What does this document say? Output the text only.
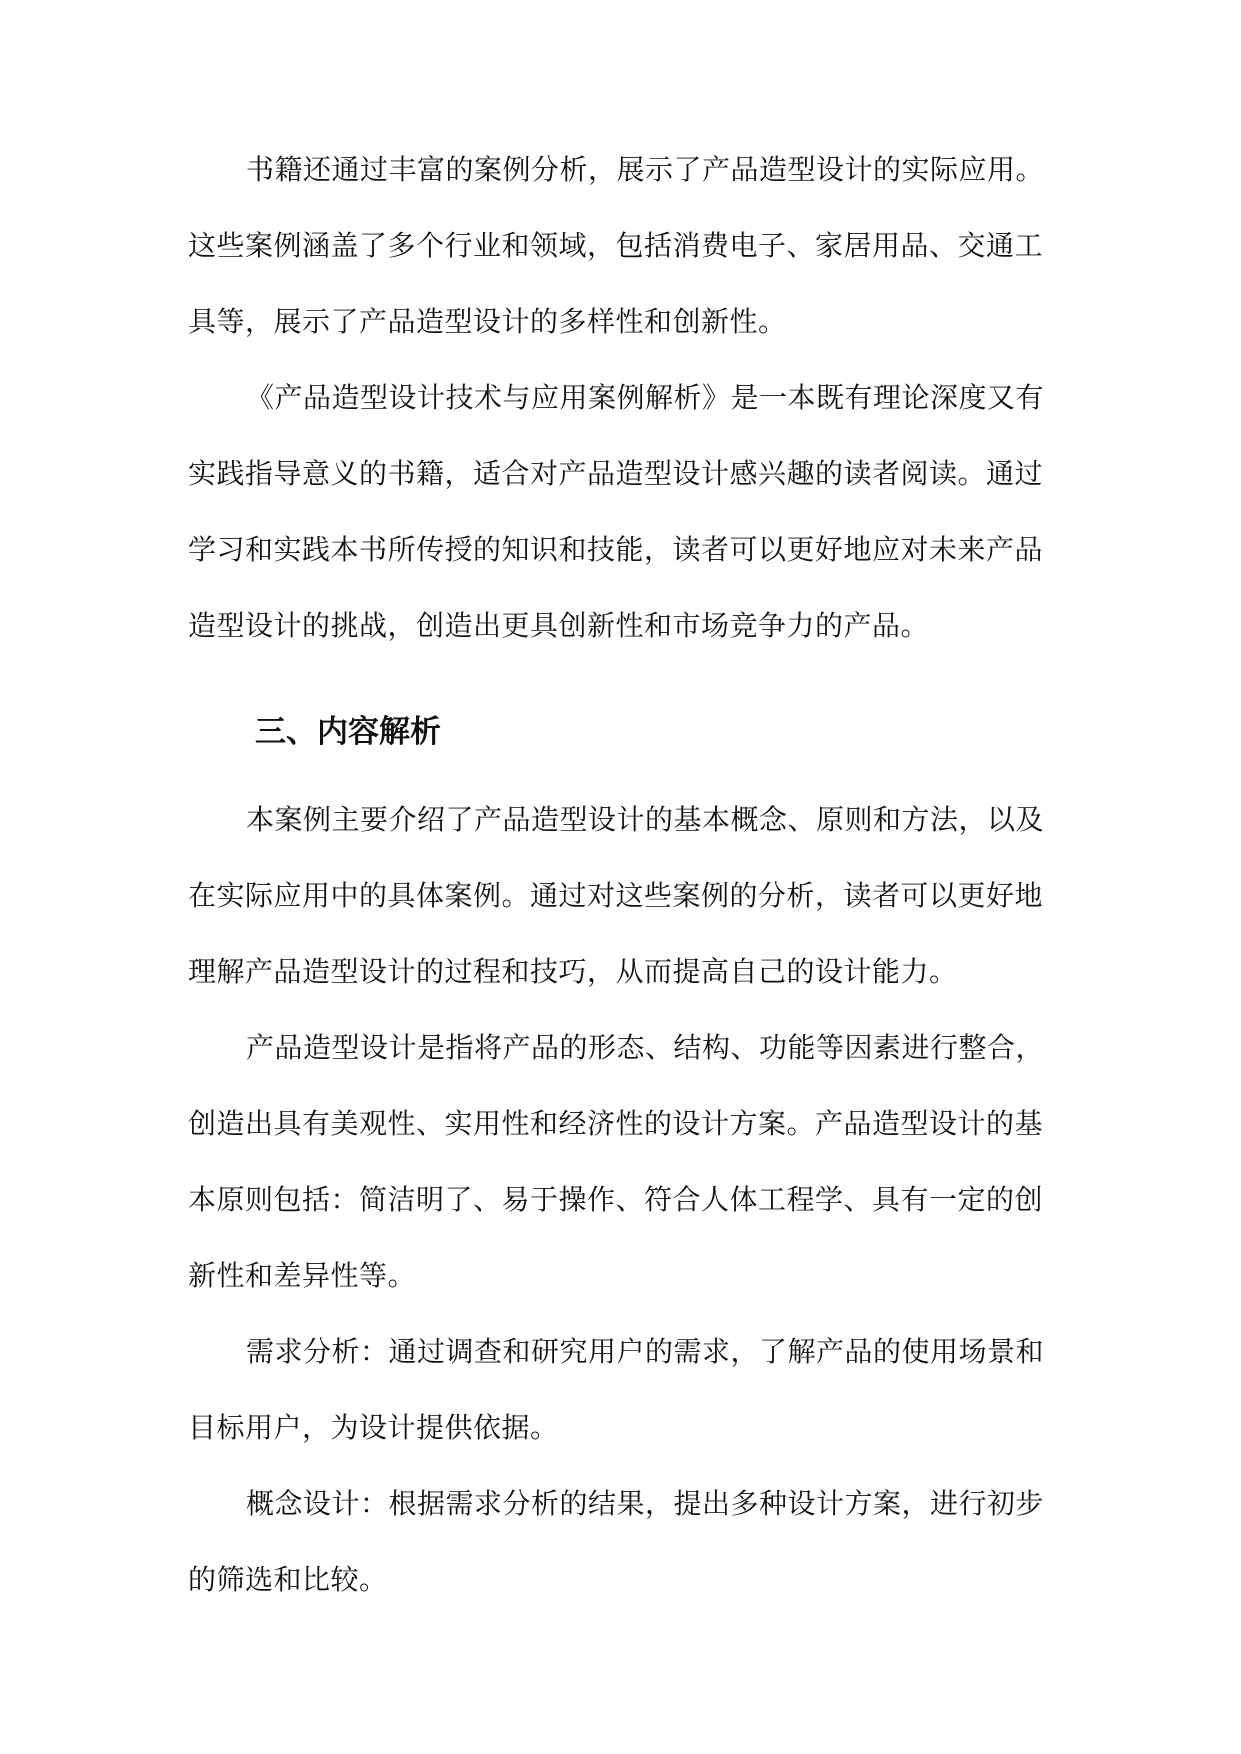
书籍还通过丰富的案例分析，展示了产品造型设计的实际应用。
这些案例涵盖了多个行业和领域，包括消费电子、家居用品、交通工
具等，展示了产品造型设计的多样性和创新性。
《产品造型设计技术与应用案例解析》是一本既有理论深度又有
实践指导意义的书籍，适合对产品造型设计感兴趣的读者阅读。通过
学习和实践本书所传授的知识和技能，读者可以更好地应对未来产品
造型设计的挑战，创造出更具创新性和市场竞争力的产品。
三、内容解析
本案例主要介绍了产品造型设计的基本概念、原则和方法，以及
在实际应用中的具体案例。通过对这些案例的分析，读者可以更好地
理解产品造型设计的过程和技巧，从而提高自己的设计能力。
产品造型设计是指将产品的形态、结构、功能等因素进行整合，
创造出具有美观性、实用性和经济性的设计方案。产品造型设计的基
本原则包括：简洁明了、易于操作、符合人体工程学、具有一定的创
新性和差异性等。
需求分析：通过调查和研究用户的需求，了解产品的使用场景和
目标用户，为设计提供依据。
概念设计：根据需求分析的结果，提出多种设计方案，进行初步
的筛选和比较。
